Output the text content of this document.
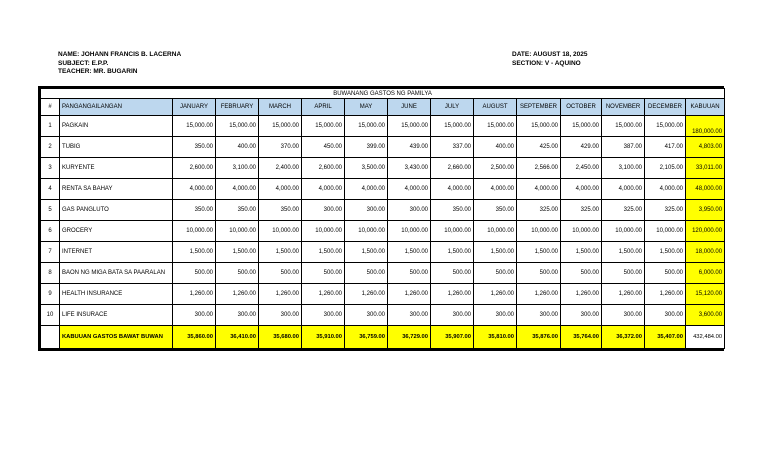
NAME: JOHANN FRANCIS B. LACERNA
SUBJECT: E.P.P.
TEACHER: MR. BUGARIN
DATE: AUGUST 18, 2025
SECTION: V - AQUINO
BUWANANG GASTOS NG PAMILYA														
#	PANGANGAILANGAN	JANUARY	FEBRUARY	MARCH	APRIL	MAY	JUNE	JULY	AUGUST	SEPTEMBER	OCTOBER	NOVEMBER	DECEMBER	KABUUAN
1	PAGKAIN	15,000.00	15,000.00	15,000.00	15,000.00	15,000.00	15,000.00	15,000.00	15,000.00	15,000.00	15,000.00	15,000.00	15,000.00	180,000.00
2	TUBIG	350.00	400.00	370.00	450.00	399.00	439.00	337.00	400.00	425.00	429.00	387.00	417.00	4,803.00
3	KURYENTE	2,600.00	3,100.00	2,400.00	2,600.00	3,500.00	3,430.00	2,660.00	2,500.00	2,566.00	2,450.00	3,100.00	2,105.00	33,011.00
4	RENTA SA BAHAY	4,000.00	4,000.00	4,000.00	4,000.00	4,000.00	4,000.00	4,000.00	4,000.00	4,000.00	4,000.00	4,000.00	4,000.00	48,000.00
5	GAS PANGLUTO	350.00	350.00	350.00	300.00	300.00	300.00	350.00	350.00	325.00	325.00	325.00	325.00	3,950.00
6	GROCERY	10,000.00	10,000.00	10,000.00	10,000.00	10,000.00	10,000.00	10,000.00	10,000.00	10,000.00	10,000.00	10,000.00	10,000.00	120,000.00
7	INTERNET	1,500.00	1,500.00	1,500.00	1,500.00	1,500.00	1,500.00	1,500.00	1,500.00	1,500.00	1,500.00	1,500.00	1,500.00	18,000.00
8	BAON NG MIGA BATA SA PAARALAN	500.00	500.00	500.00	500.00	500.00	500.00	500.00	500.00	500.00	500.00	500.00	500.00	6,000.00
9	HEALTH INSURANCE	1,260.00	1,260.00	1,260.00	1,260.00	1,260.00	1,260.00	1,260.00	1,260.00	1,260.00	1,260.00	1,260.00	1,260.00	15,120.00
10	LIFE INSURACE	300.00	300.00	300.00	300.00	300.00	300.00	300.00	300.00	300.00	300.00	300.00	300.00	3,600.00
	KABUUAN GASTOS BAWAT BUWAN	35,860.00	36,410.00	35,680.00	35,910.00	36,759.00	36,729.00	35,907.00	35,810.00	35,876.00	35,764.00	36,372.00	35,407.00	432,484.00
